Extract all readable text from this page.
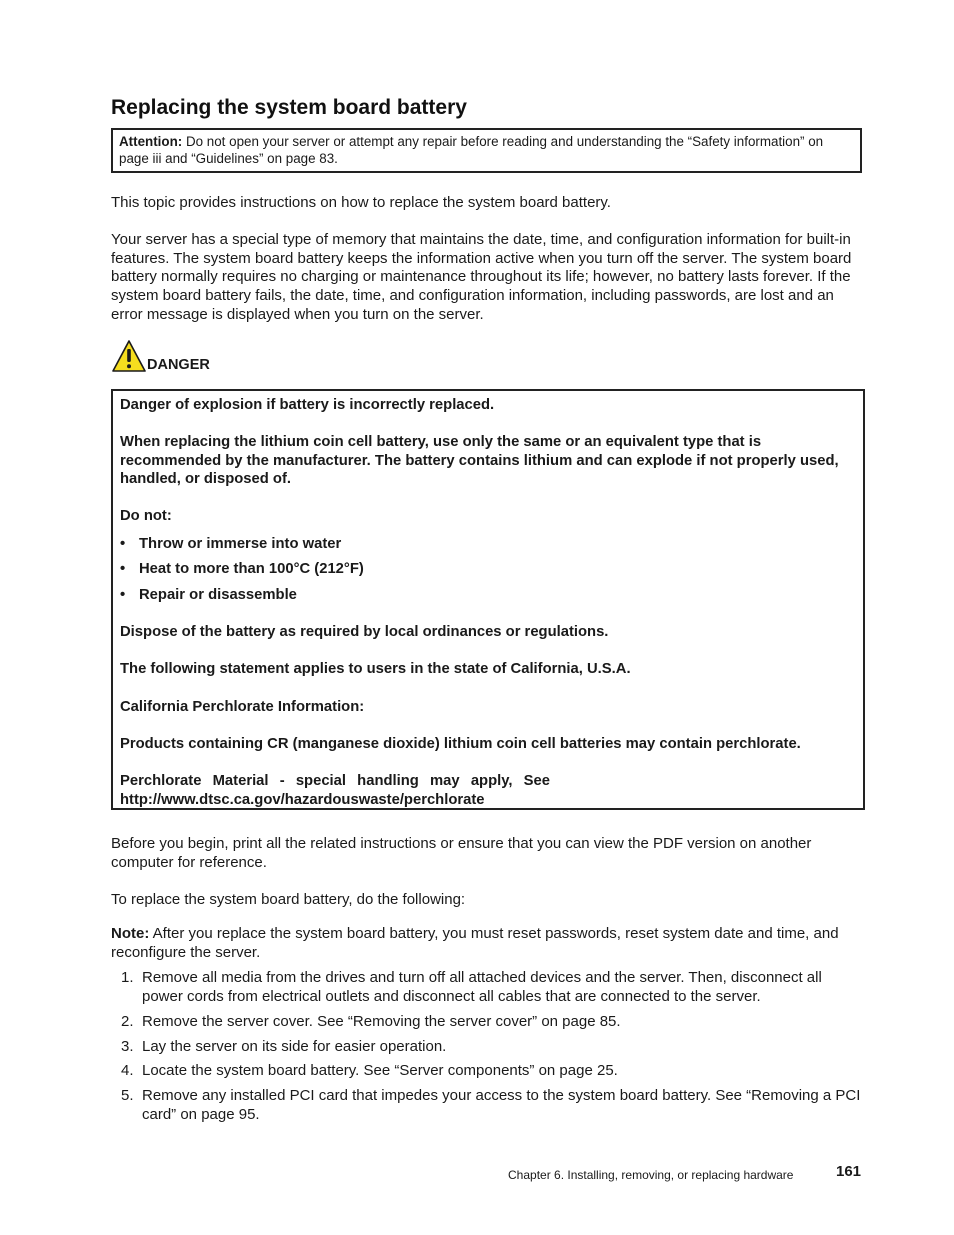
Replacing the system board battery
Attention: Do not open your server or attempt any repair before reading and understanding the “Safety information” on page iii and “Guidelines” on page 83.

This topic provides instructions on how to replace the system board battery.

Your server has a special type of memory that maintains the date, time, and configuration information for built-in features. The system board battery keeps the information active when you turn off the server. The system board battery normally requires no charging or maintenance throughout its life; however, no battery lasts forever. If the system board battery fails, the date, time, and configuration information, including passwords, are lost and an error message is displayed when you turn on the server.

DANGER
Danger of explosion if battery is incorrectly replaced.
When replacing the lithium coin cell battery, use only the same or an equivalent type that is recommended by the manufacturer. The battery contains lithium and can explode if not properly used, handled, or disposed of.
Do not:
• Throw or immerse into water
• Heat to more than 100°C (212°F)
• Repair or disassemble
Dispose of the battery as required by local ordinances or regulations.
The following statement applies to users in the state of California, U.S.A.
California Perchlorate Information:
Products containing CR (manganese dioxide) lithium coin cell batteries may contain perchlorate.
Perchlorate Material - special handling may apply, See
http://www.dtsc.ca.gov/hazardouswaste/perchlorate

Before you begin, print all the related instructions or ensure that you can view the PDF version on another computer for reference.

To replace the system board battery, do the following:

Note: After you replace the system board battery, you must reset passwords, reset system date and time, and reconfigure the server.

1. Remove all media from the drives and turn off all attached devices and the server. Then, disconnect all power cords from electrical outlets and disconnect all cables that are connected to the server.
2. Remove the server cover. See “Removing the server cover” on page 85.
3. Lay the server on its side for easier operation.
4. Locate the system board battery. See “Server components” on page 25.
5. Remove any installed PCI card that impedes your access to the system board battery. See “Removing a PCI card” on page 95.
Chapter 6. Installing, removing, or replacing hardware	161
